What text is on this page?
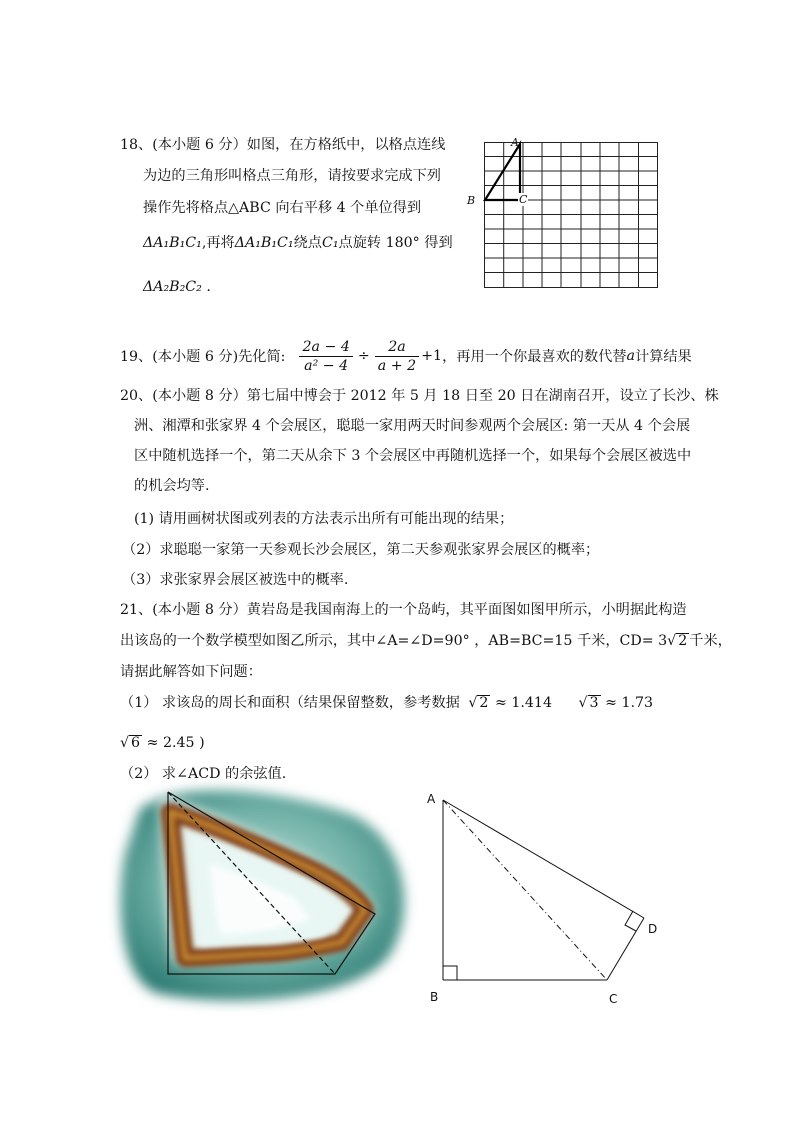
18、(本小题 6 分）如图，在方格纸中，以格点连线
为边的三角形叫格点三角形，请按要求完成下列
操作先将格点△ABC 向右平移 4 个单位得到
ΔA₁B₁C₁,再将ΔA₁B₁C₁绕点C₁点旋转 180° 得到
ΔA₂B₂C₂ .
A
B	C
19、(本小题 6 分)先化简: $\frac{2a - 4}{\text{a² − 4}} \div \frac{2a}{a + 2} +1$ ，再用一个你最喜欢的数代替 a 计算结果
20、(本小题 8 分）第七届中博会于 2012 年 5 月 18 日至 20 日在湖南召开，设立了长沙、株
洲、湘潭和张家界 4 个会展区，聪聪一家用两天时间参观两个会展区: 第一天从 4 个会展
区中随机选择一个，第二天从余下 3 个会展区中再随机选择一个，如果每个会展区被选中
的机会均等.
(1) 请用画树状图或列表的方法表示出所有可能出现的结果；
（2）求聪聪一家第一天参观长沙会展区，第二天参观张家界会展区的概率；
（3）求张家界会展区被选中的概率.
21、(本小题 8 分）黄岩岛是我国南海上的一个岛屿，其平面图如图甲所示，小明据此构造
出该岛的一个数学模型如图乙所示，其中∠A=∠D=90° ，AB=BC=15 千米，CD= 3√ 2 千米，
请据此解答如下问题：
（1） 求该岛的周长和面积（结果保留整数，参考数据 √ 2 ≈ 1.414 √ 3 ≈ 1.73
√ 6 ≈ 2.45 )
（2） 求∠ACD 的余弦值.
A
B	C
D
